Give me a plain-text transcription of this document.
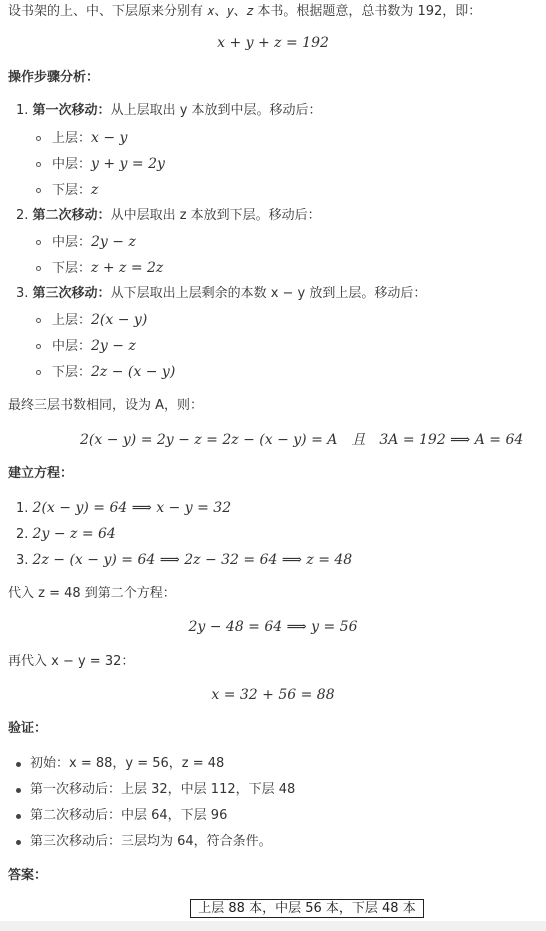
设书架的上、中、下层原来分别有 𝑥、𝑦、𝑧 本书。根据题意，总书数为 192，即：
x + y + z = 192
操作步骤分析：
1. 第一次移动：从上层取出 y 本放到中层。移动后：
上层：x − y
中层：y + y = 2y
下层：z
2. 第二次移动：从中层取出 z 本放到下层。移动后：
中层：2y − z
下层：z + z = 2z
3. 第三次移动：从下层取出上层剩余的本数 x − y 放到上层。移动后：
上层：2(x − y)
中层：2y − z
下层：2z − (x − y)
最终三层书数相同，设为 A，则：
2(x − y) = 2y − z = 2z − (x − y) = A　且　3A = 192 ⟹ A = 64
建立方程：
1. 2(x − y) = 64 ⟹ x − y = 32
2. 2y − z = 64
3. 2z − (x − y) = 64 ⟹ 2z − 32 = 64 ⟹ z = 48
代入 z = 48 到第二个方程：
2y − 48 = 64 ⟹ y = 56
再代入 x − y = 32：
x = 32 + 56 = 88
验证：
初始：x = 88，y = 56，z = 48
第一次移动后：上层 32，中层 112，下层 48
第二次移动后：中层 64，下层 96
第三次移动后：三层均为 64，符合条件。
答案：
上层 88 本，中层 56 本，下层 48 本
